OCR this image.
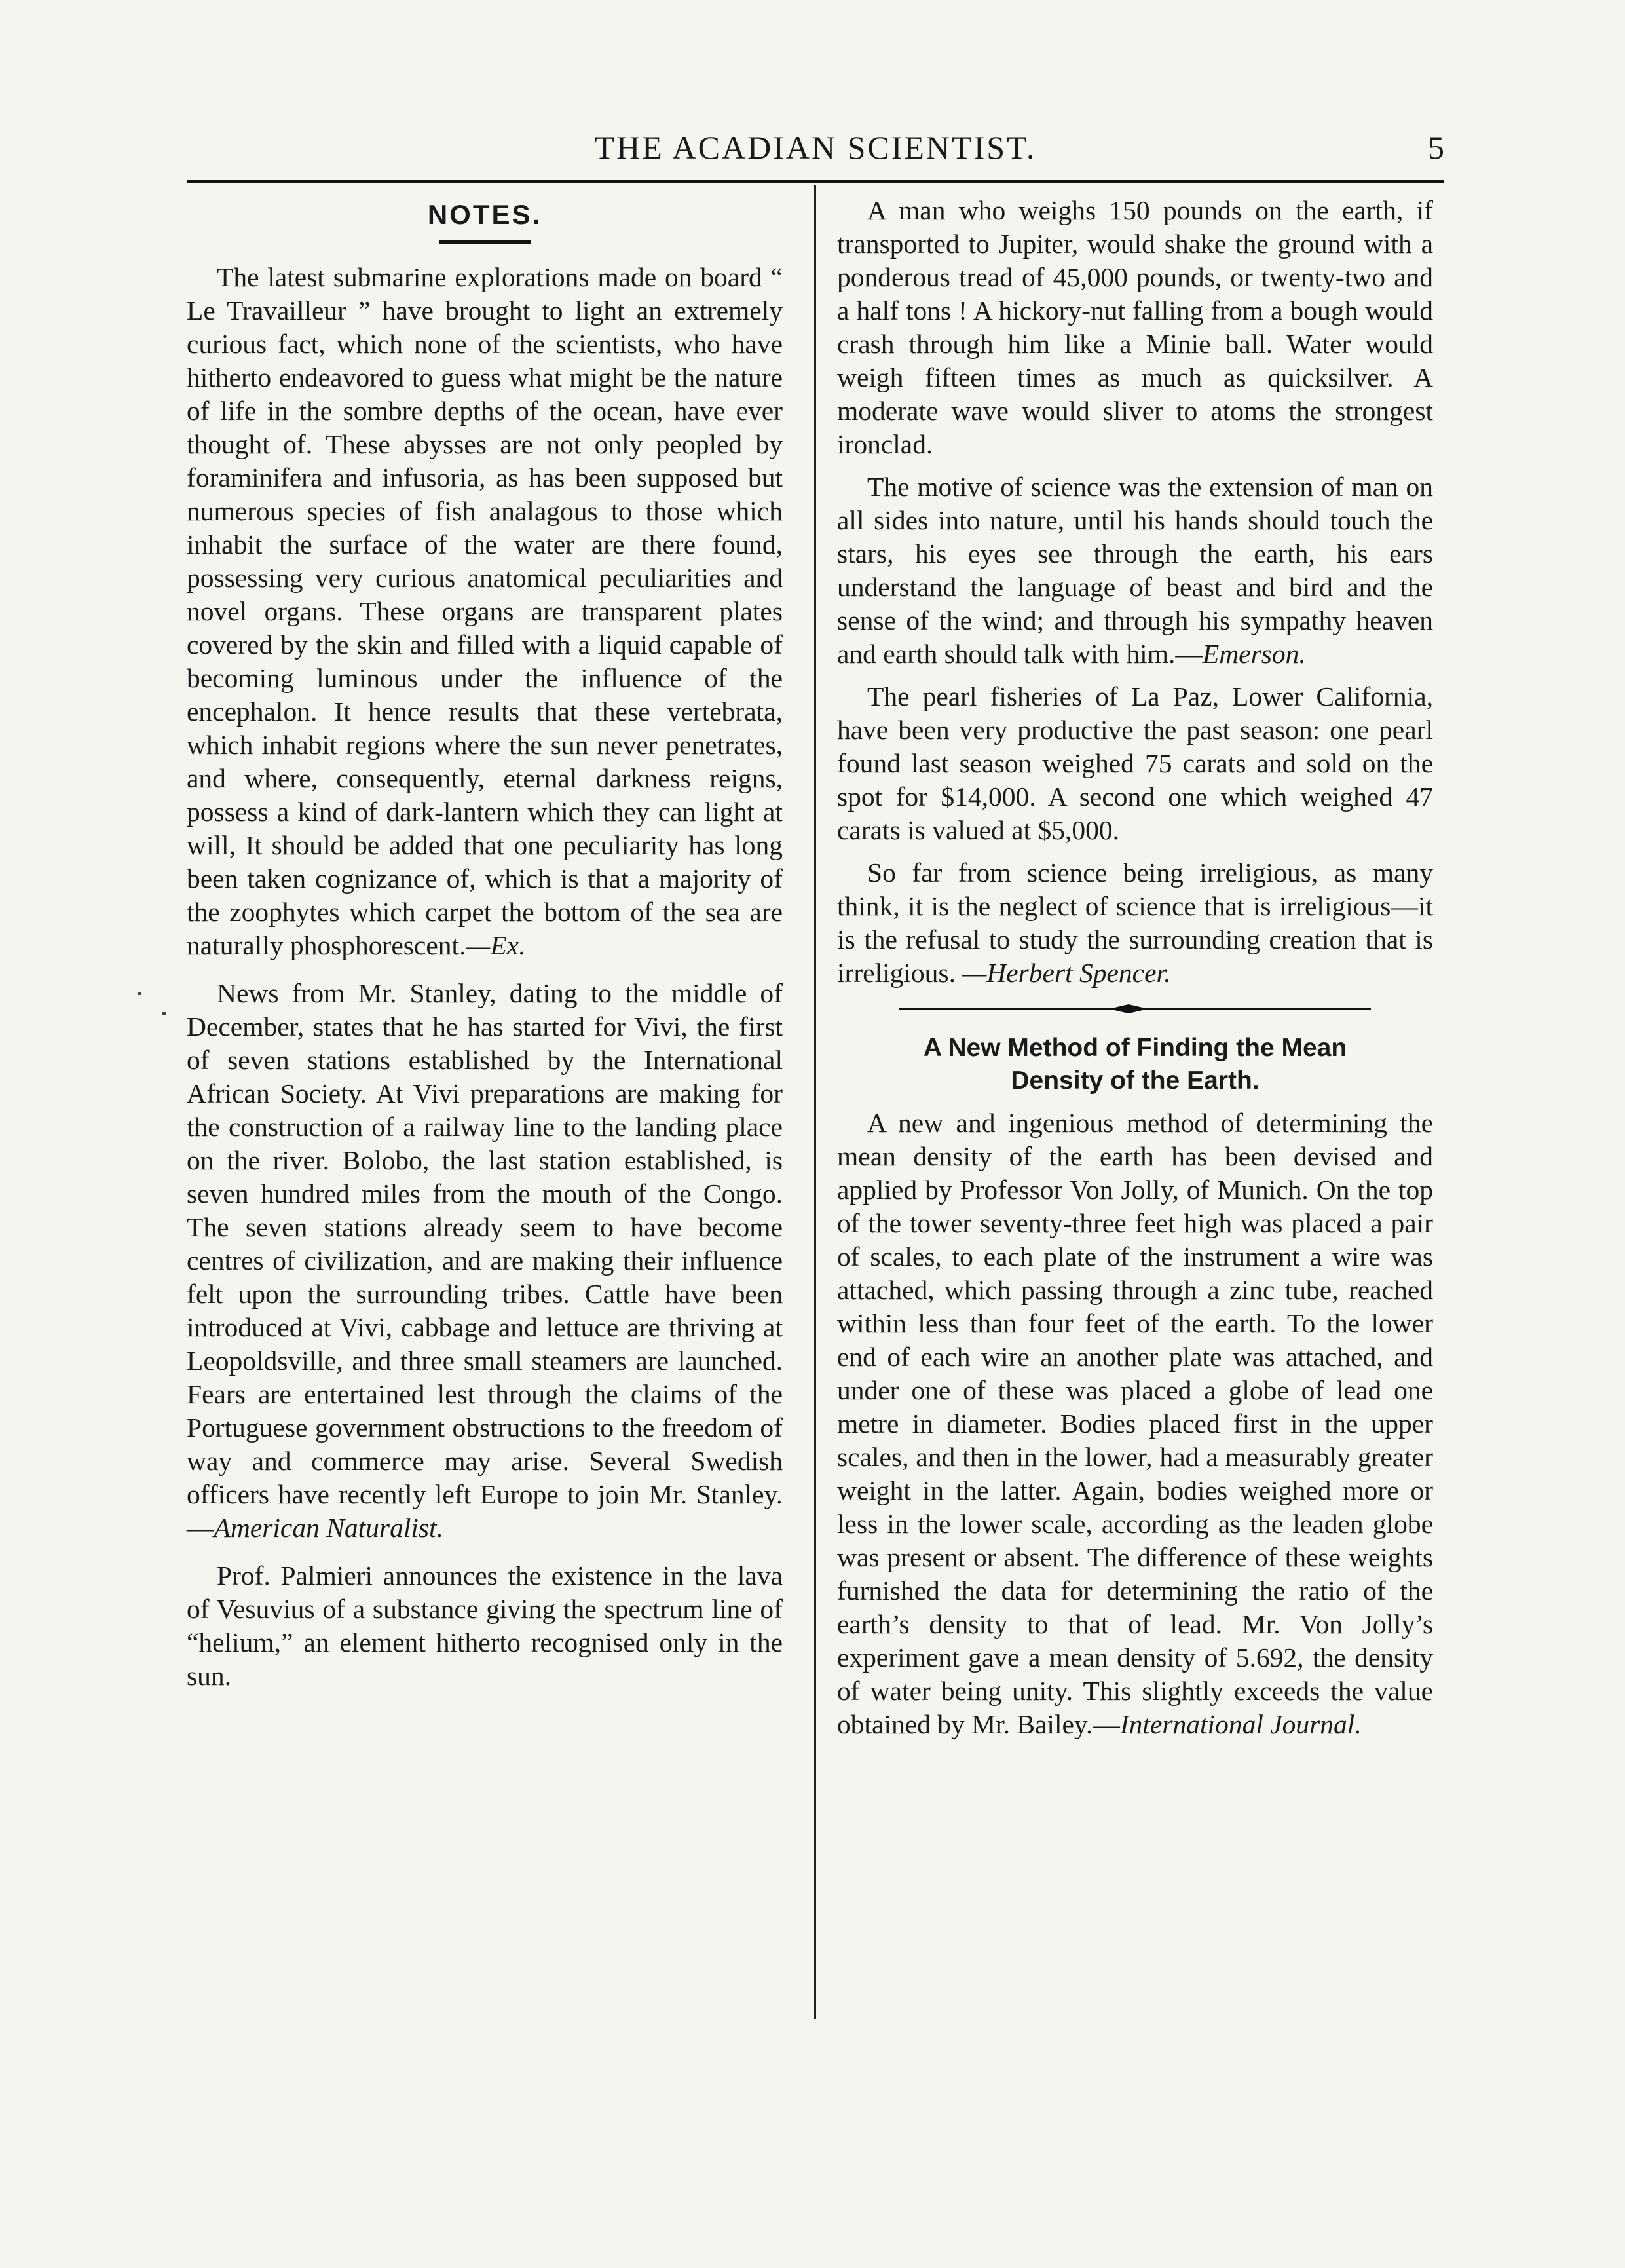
THE ACADIAN SCIENTIST.	5
NOTES.

The latest submarine explorations made on board “ Le Travailleur ” have brought to light an extremely curious fact, which none of the scientists, who have hitherto endeavored to guess what might be the nature of life in the sombre depths of the ocean, have ever thought of. These abysses are not only peopled by foraminifera and infusoria, as has been supposed but numerous species of fish analagous to those which inhabit the surface of the water are there found, possessing very curious anatomical peculiarities and novel organs. These organs are transparent plates covered by the skin and filled with a liquid capable of becoming luminous under the influence of the encephalon. It hence results that these vertebrata, which inhabit regions where the sun never penetrates, and where, consequently, eternal darkness reigns, possess a kind of dark-lantern which they can light at will, It should be added that one peculiarity has long been taken cognizance of, which is that a majority of the zoophytes which carpet the bottom of the sea are naturally phosphorescent.—Ex.

News from Mr. Stanley, dating to the middle of December, states that he has started for Vivi, the first of seven stations established by the International African Society. At Vivi preparations are making for the construction of a railway line to the landing place on the river. Bolobo, the last station established, is seven hundred miles from the mouth of the Congo. The seven stations already seem to have become centres of civilization, and are making their influence felt upon the surrounding tribes. Cattle have been introduced at Vivi, cabbage and lettuce are thriving at Leopoldsville, and three small steamers are launched. Fears are entertained lest through the claims of the Portuguese government obstructions to the freedom of way and commerce may arise. Several Swedish officers have recently left Europe to join Mr. Stanley.—American Naturalist.

Prof. Palmieri announces the existence in the lava of Vesuvius of a substance giving the spectrum line of “helium,” an element hitherto recognised only in the sun.

A man who weighs 150 pounds on the earth, if transported to Jupiter, would shake the ground with a ponderous tread of 45,000 pounds, or twenty-two and a half tons ! A hickory-nut falling from a bough would crash through him like a Minie ball. Water would weigh fifteen times as much as quicksilver. A moderate wave would sliver to atoms the strongest ironclad.

The motive of science was the extension of man on all sides into nature, until his hands should touch the stars, his eyes see through the earth, his ears understand the language of beast and bird and the sense of the wind; and through his sympathy heaven and earth should talk with him.—Emerson.

The pearl fisheries of La Paz, Lower California, have been very productive the past season: one pearl found last season weighed 75 carats and sold on the spot for $14,000. A second one which weighed 47 carats is valued at $5,000.

So far from science being irreligious, as many think, it is the neglect of science that is irreligious—it is the refusal to study the surrounding creation that is irreligious. —Herbert Spencer.

A New Method of Finding the Mean
Density of the Earth.

A new and ingenious method of determining the mean density of the earth has been devised and applied by Professor Von Jolly, of Munich. On the top of the tower seventy-three feet high was placed a pair of scales, to each plate of the instrument a wire was attached, which passing through a zinc tube, reached within less than four feet of the earth. To the lower end of each wire an another plate was attached, and under one of these was placed a globe of lead one metre in diameter. Bodies placed first in the upper scales, and then in the lower, had a measurably greater weight in the latter. Again, bodies weighed more or less in the lower scale, according as the leaden globe was present or absent. The difference of these weights furnished the data for determining the ratio of the earth’s density to that of lead. Mr. Von Jolly’s experiment gave a mean density of 5.692, the density of water being unity. This slightly exceeds the value obtained by Mr. Bailey.—International Journal.
